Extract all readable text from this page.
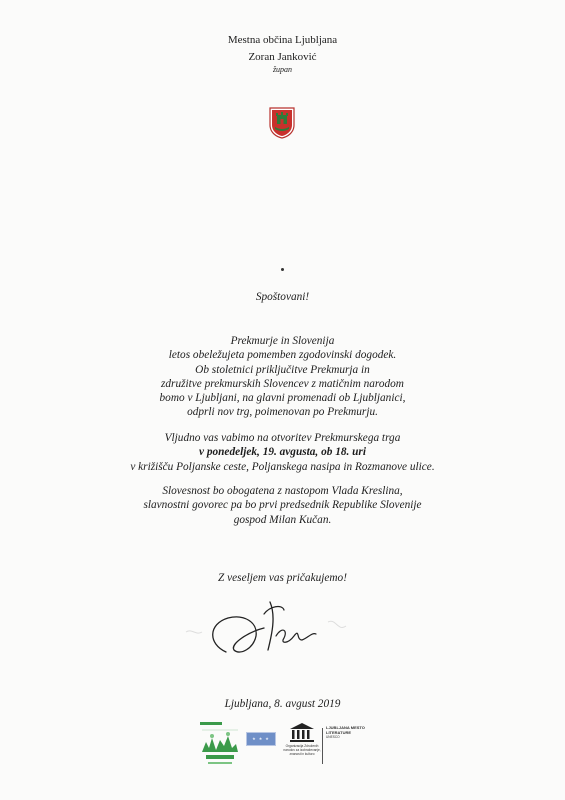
Mestna občina Ljubljana
Zoran Janković
župan
Spoštovani!
Prekmurje in Slovenija
letos obeležujeta pomemben zgodovinski dogodek.
Ob stoletnici priključitve Prekmurja in
združitve prekmurskih Slovencev z matičnim narodom
bomo v Ljubljani, na glavni promenadi ob Ljubljanici,
odprli nov trg, poimenovan po Prekmurju.
Vljudno vas vabimo na otvoritev Prekmurskega trga
v ponedeljek, 19. avgusta, ob 18. uri
v križišču Poljanske ceste, Poljanskega nasipa in Rozmanove ulice.
Slovesnost bo obogatena z nastopom Vlada Kreslina,
slavnostni govorec pa bo prvi predsednik Republike Slovenije
gospod Milan Kučan.
Z veseljem vas pričakujemo!
Ljubljana, 8. avgust 2019
★ ★ ★
Organizacija Združenih narodov za izobraževanje, znanost in kulturo
LJUBLJANA MESTO LITERATURE
UNESCO
